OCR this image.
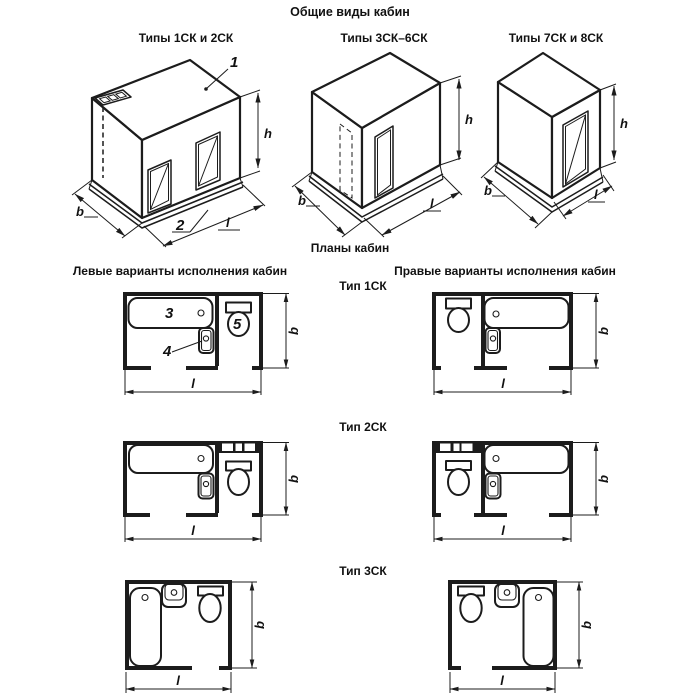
Общие виды кабин
Типы 1СК и 2СК	Типы 3СК–6СК	Типы 7СК и 8СК
Планы кабин
Левые варианты исполнения кабин	Правые варианты исполнения кабин
Тип 1СК
Тип 2СК
Тип 3СК
h
b
l
1
2
h
b	l
h
b	l
3
4
5	b
l
b
l
b
l
b
l
b
l
b
l
